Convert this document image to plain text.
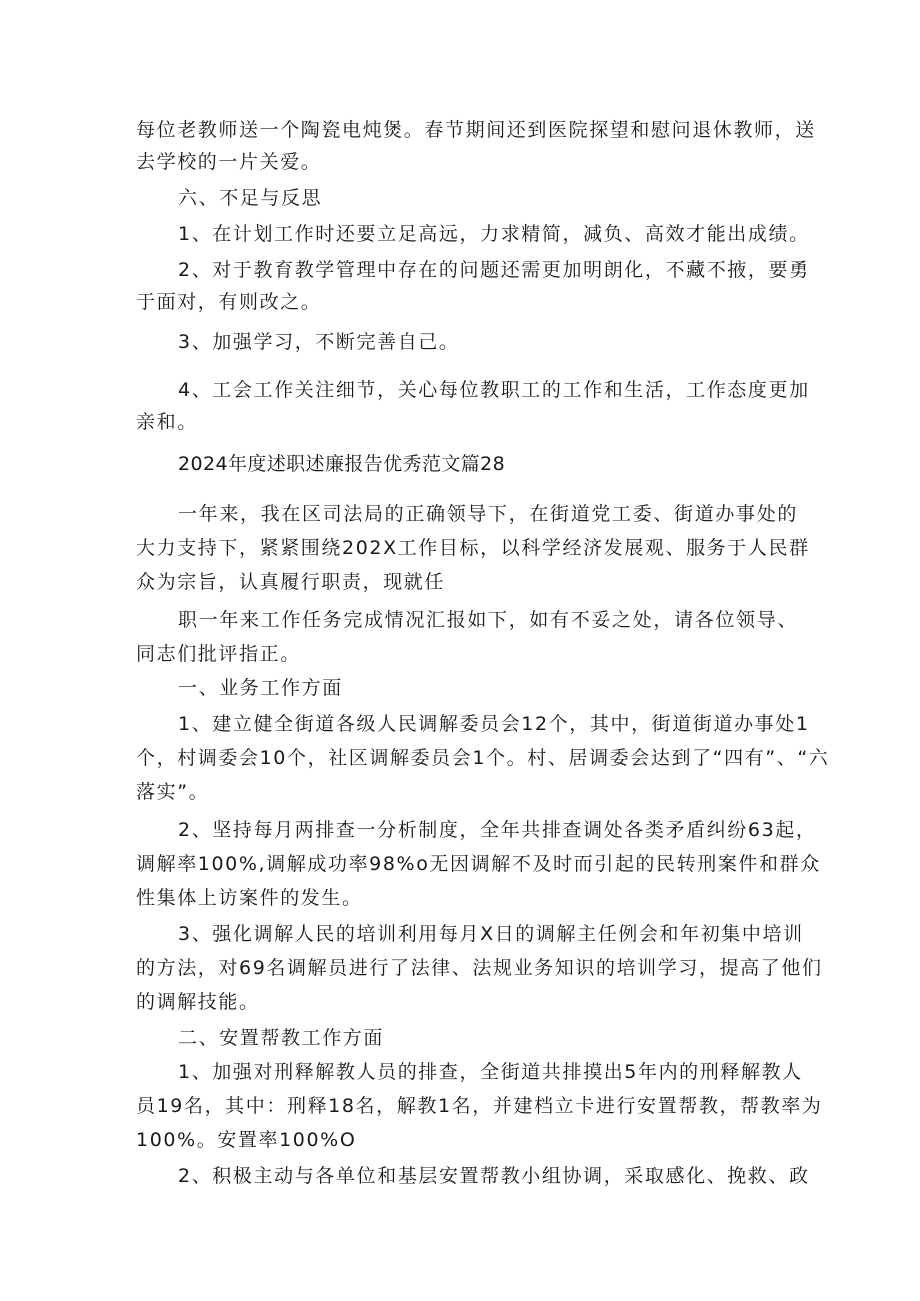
每位老教师送一个陶瓷电炖煲。春节期间还到医院探望和慰问退休教师，送
去学校的一片关爱。
六、不足与反思
1、在计划工作时还要立足高远，力求精简，减负、高效才能出成绩。
2、对于教育教学管理中存在的问题还需更加明朗化，不藏不掖，要勇
于面对，有则改之。
3、加强学习，不断完善自己。
4、工会工作关注细节，关心每位教职工的工作和生活，工作态度更加
亲和。
2024年度述职述廉报告优秀范文篇28
一年来，我在区司法局的正确领导下，在街道党工委、街道办事处的
大力支持下，紧紧围绕202X工作目标，以科学经济发展观、服务于人民群
众为宗旨，认真履行职责，现就任
职一年来工作任务完成情况汇报如下，如有不妥之处，请各位领导、
同志们批评指正。
一、业务工作方面
1、建立健全街道各级人民调解委员会12个，其中，街道街道办事处1
个，村调委会10个，社区调解委员会1个。村、居调委会达到了“四有”、“六
落实”。
2、坚持每月两排查一分析制度，全年共排查调处各类矛盾纠纷63起，
调解率100%,调解成功率98%o无因调解不及时而引起的民转刑案件和群众
性集体上访案件的发生。
3、强化调解人民的培训利用每月X日的调解主任例会和年初集中培训
的方法，对69名调解员进行了法律、法规业务知识的培训学习，提高了他们
的调解技能。
二、安置帮教工作方面
1、加强对刑释解教人员的排查，全街道共排摸出5年内的刑释解教人
员19名，其中：刑释18名，解教1名，并建档立卡进行安置帮教，帮教率为
100%。安置率100%O
2、积极主动与各单位和基层安置帮教小组协调，采取感化、挽救、政
